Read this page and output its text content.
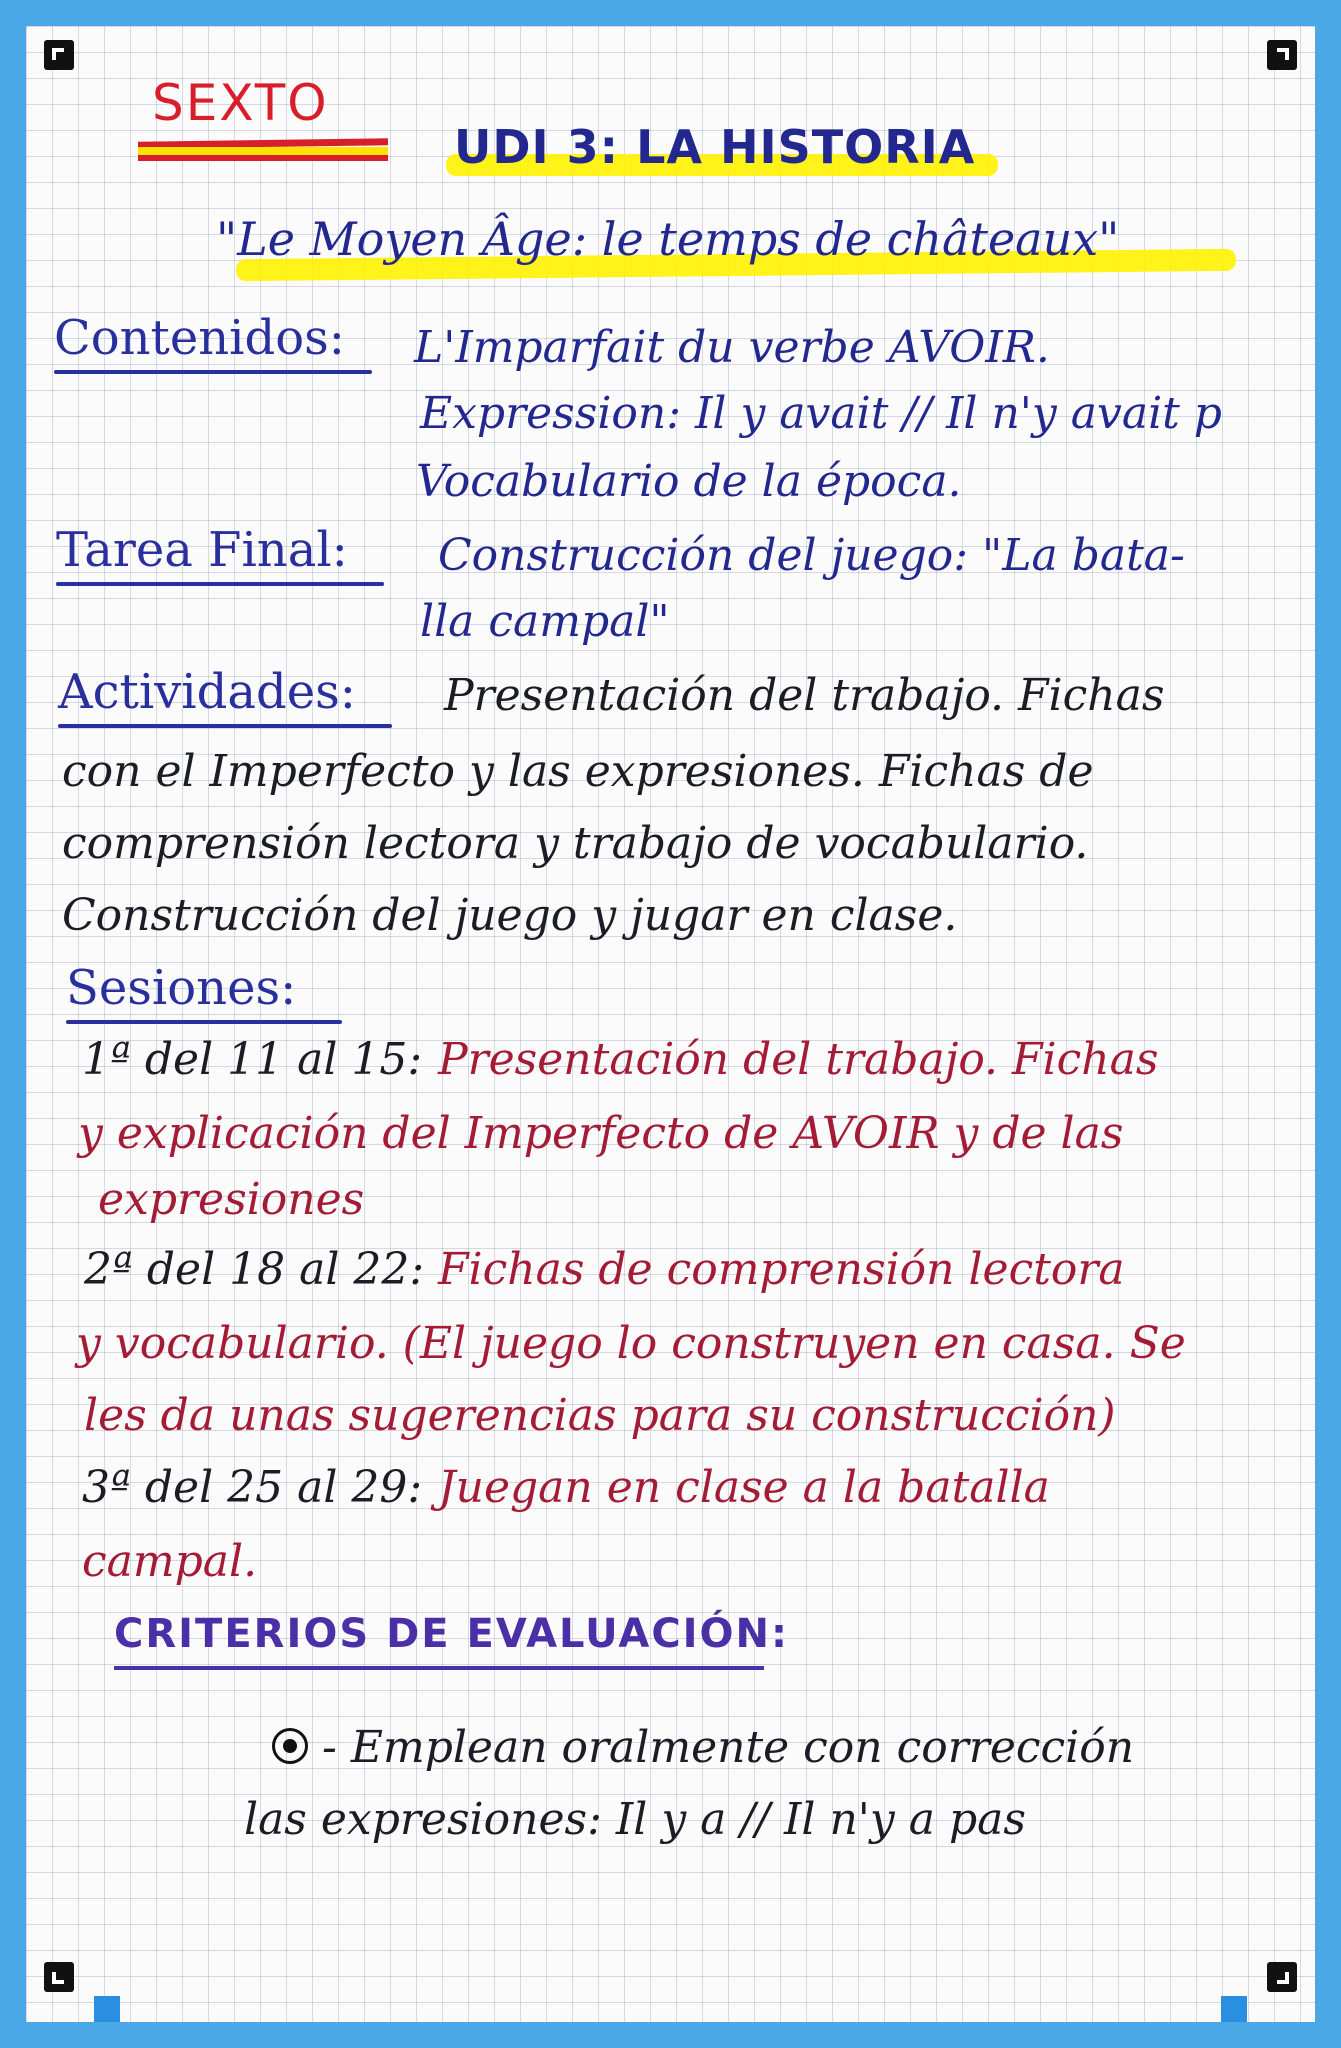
SEXTO
UDI 3: LA HISTORIA
"Le Moyen Âge: le temps de châteaux"
Contenidos: L'Imparfait du verbe AVOIR.
Expression: Il y avait // Il n'y avait p
Vocabulario de la época.
Tarea Final: Construcción del juego: "La bata-
lla campal"
Actividades: Presentación del trabajo. Fichas
con el Imperfecto y las expresiones. Fichas de
comprensión lectora y trabajo de vocabulario.
Construcción del juego y jugar en clase.
Sesiones:
1ª del 11 al 15: Presentación del trabajo. Fichas
y explicación del Imperfecto de AVOIR y de las
expresiones
2ª del 18 al 22: Fichas de comprensión lectora
y vocabulario. (El juego lo construyen en casa. Se
les da unas sugerencias para su construcción)
3ª del 25 al 29: Juegan en clase a la batalla
campal.
CRITERIOS DE EVALUACIÓN:
- Emplean oralmente con corrección
las expresiones: Il y a // Il n'y a pas
